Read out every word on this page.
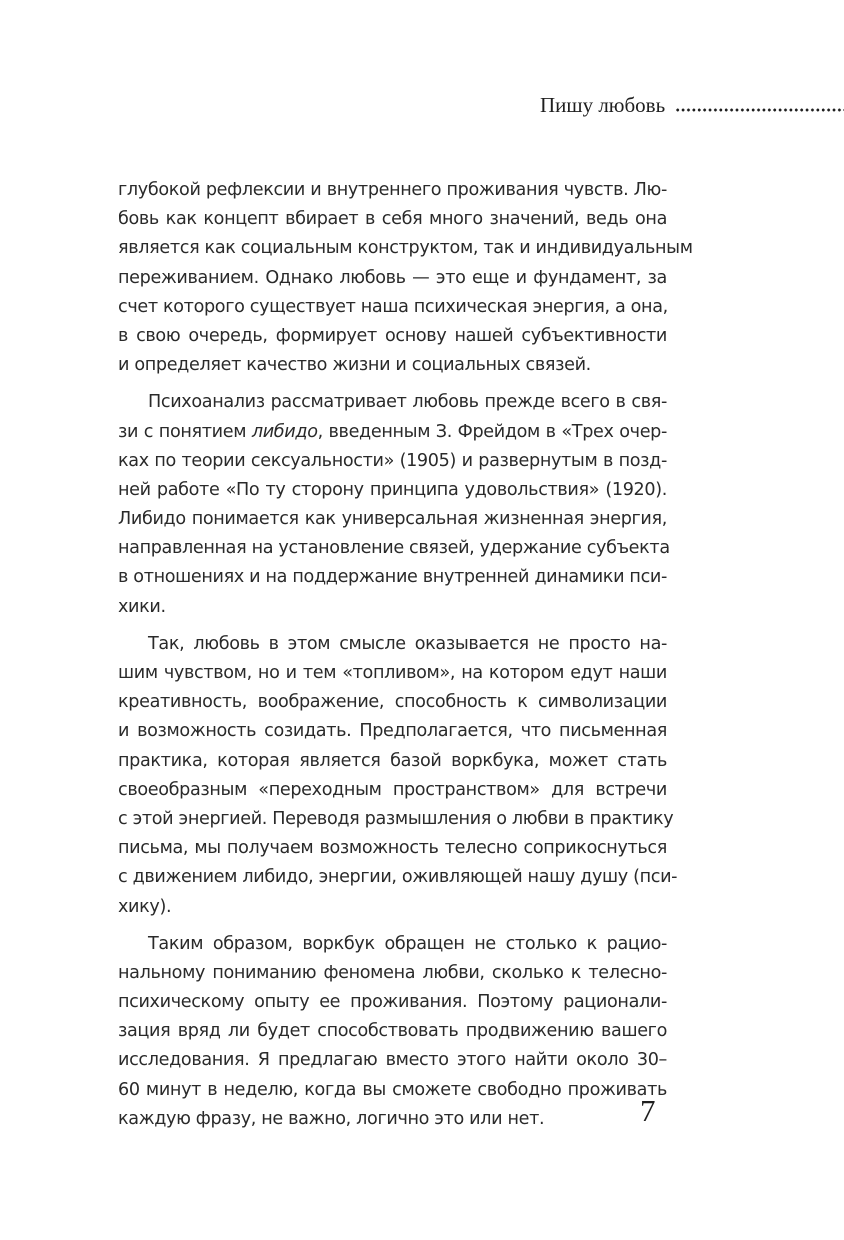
Пишу любовь
глубокой рефлексии и внутреннего проживания чувств. Лю-
бовь как концепт вбирает в себя много значений, ведь она
является как социальным конструктом, так и индивидуальным
переживанием. Однако любовь — это еще и фундамент, за
счет которого существует наша психическая энергия, а она,
в свою очередь, формирует основу нашей субъективности
и определяет качество жизни и социальных связей.
Психоанализ рассматривает любовь прежде всего в свя-
зи с понятием либидо, введенным З. Фрейдом в «Трех очер-
ках по теории сексуальности» (1905) и развернутым в позд-
ней работе «По ту сторону принципа удовольствия» (1920).
Либидо понимается как универсальная жизненная энергия,
направленная на установление связей, удержание субъекта
в отношениях и на поддержание внутренней динамики пси-
хики.
Так, любовь в этом смысле оказывается не просто на-
шим чувством, но и тем «топливом», на котором едут наши
креативность, воображение, способность к символизации
и возможность созидать. Предполагается, что письменная
практика, которая является базой воркбука, может стать
своеобразным «переходным пространством» для встречи
с этой энергией. Переводя размышления о любви в практику
письма, мы получаем возможность телесно соприкоснуться
с движением либидо, энергии, оживляющей нашу душу (пси-
хику).
Таким образом, воркбук обращен не столько к рацио-
нальному пониманию феномена любви, сколько к телесно-
психическому опыту ее проживания. Поэтому рационали-
зация вряд ли будет способствовать продвижению вашего
исследования. Я предлагаю вместо этого найти около 30–
60 минут в неделю, когда вы сможете свободно проживать
каждую фразу, не важно, логично это или нет.	7
